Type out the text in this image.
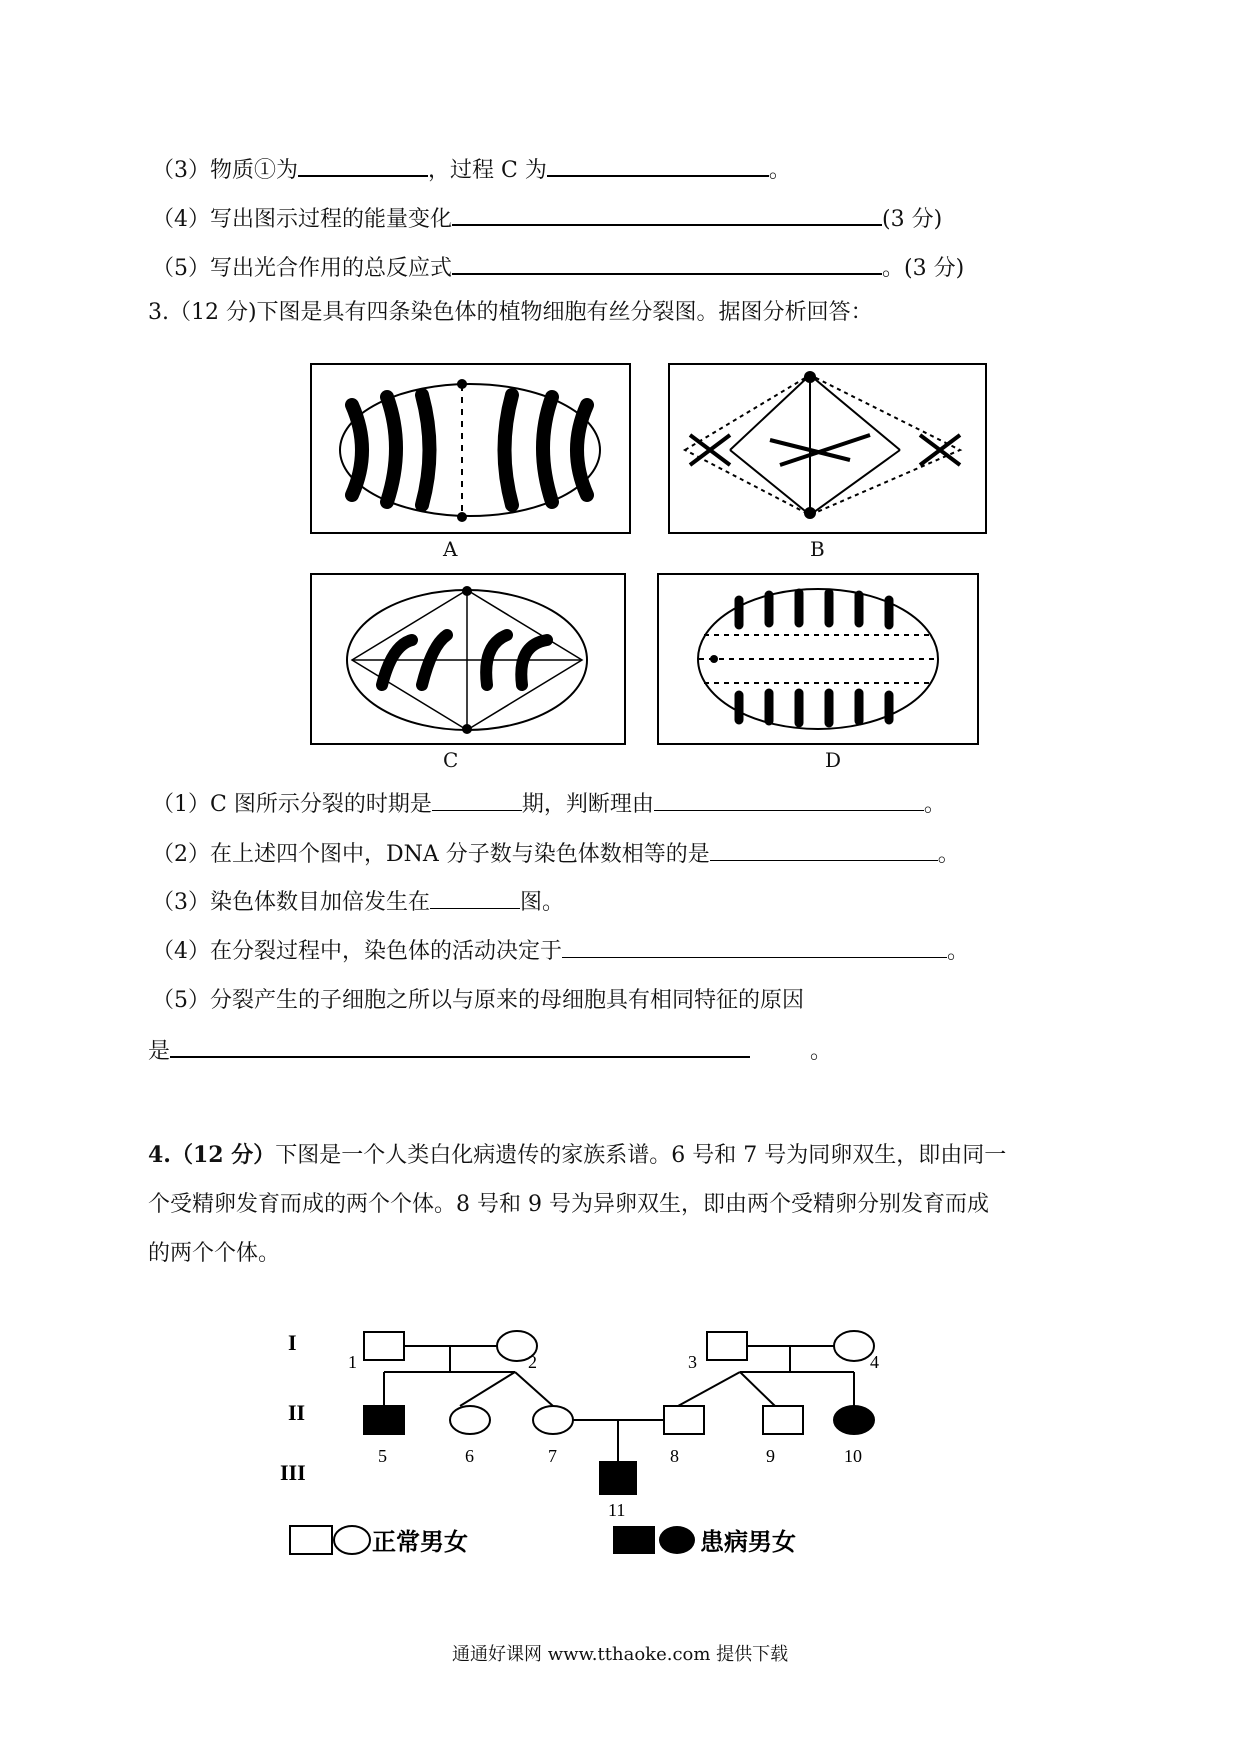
（3）物质①为	，过程 C 为	。
（4）写出图示过程的能量变化	(3 分)
（5）写出光合作用的总反应式	。(3 分)
3.（12 分)下图是具有四条染色体的植物细胞有丝分裂图。据图分析回答：
A	B
C	D
（1）C 图所示分裂的时期是	期，判断理由	。
（2）在上述四个图中，DNA 分子数与染色体数相等的是	。
（3）染色体数目加倍发生在	图。
（4）在分裂过程中，染色体的活动决定于	。
（5）分裂产生的子细胞之所以与原来的母细胞具有相同特征的原因
是	。
4.（12 分）下图是一个人类白化病遗传的家族系谱。6 号和 7 号为同卵双生，即由同一
个受精卵发育而成的两个个体。8 号和 9 号为异卵双生，即由两个受精卵分别发育而成
的两个个体。
I
II
III
1	2	3	4
5	6	7	8	9	10
11
正常男女	患病男女
通通好课网 www.tthaoke.com 提供下载
